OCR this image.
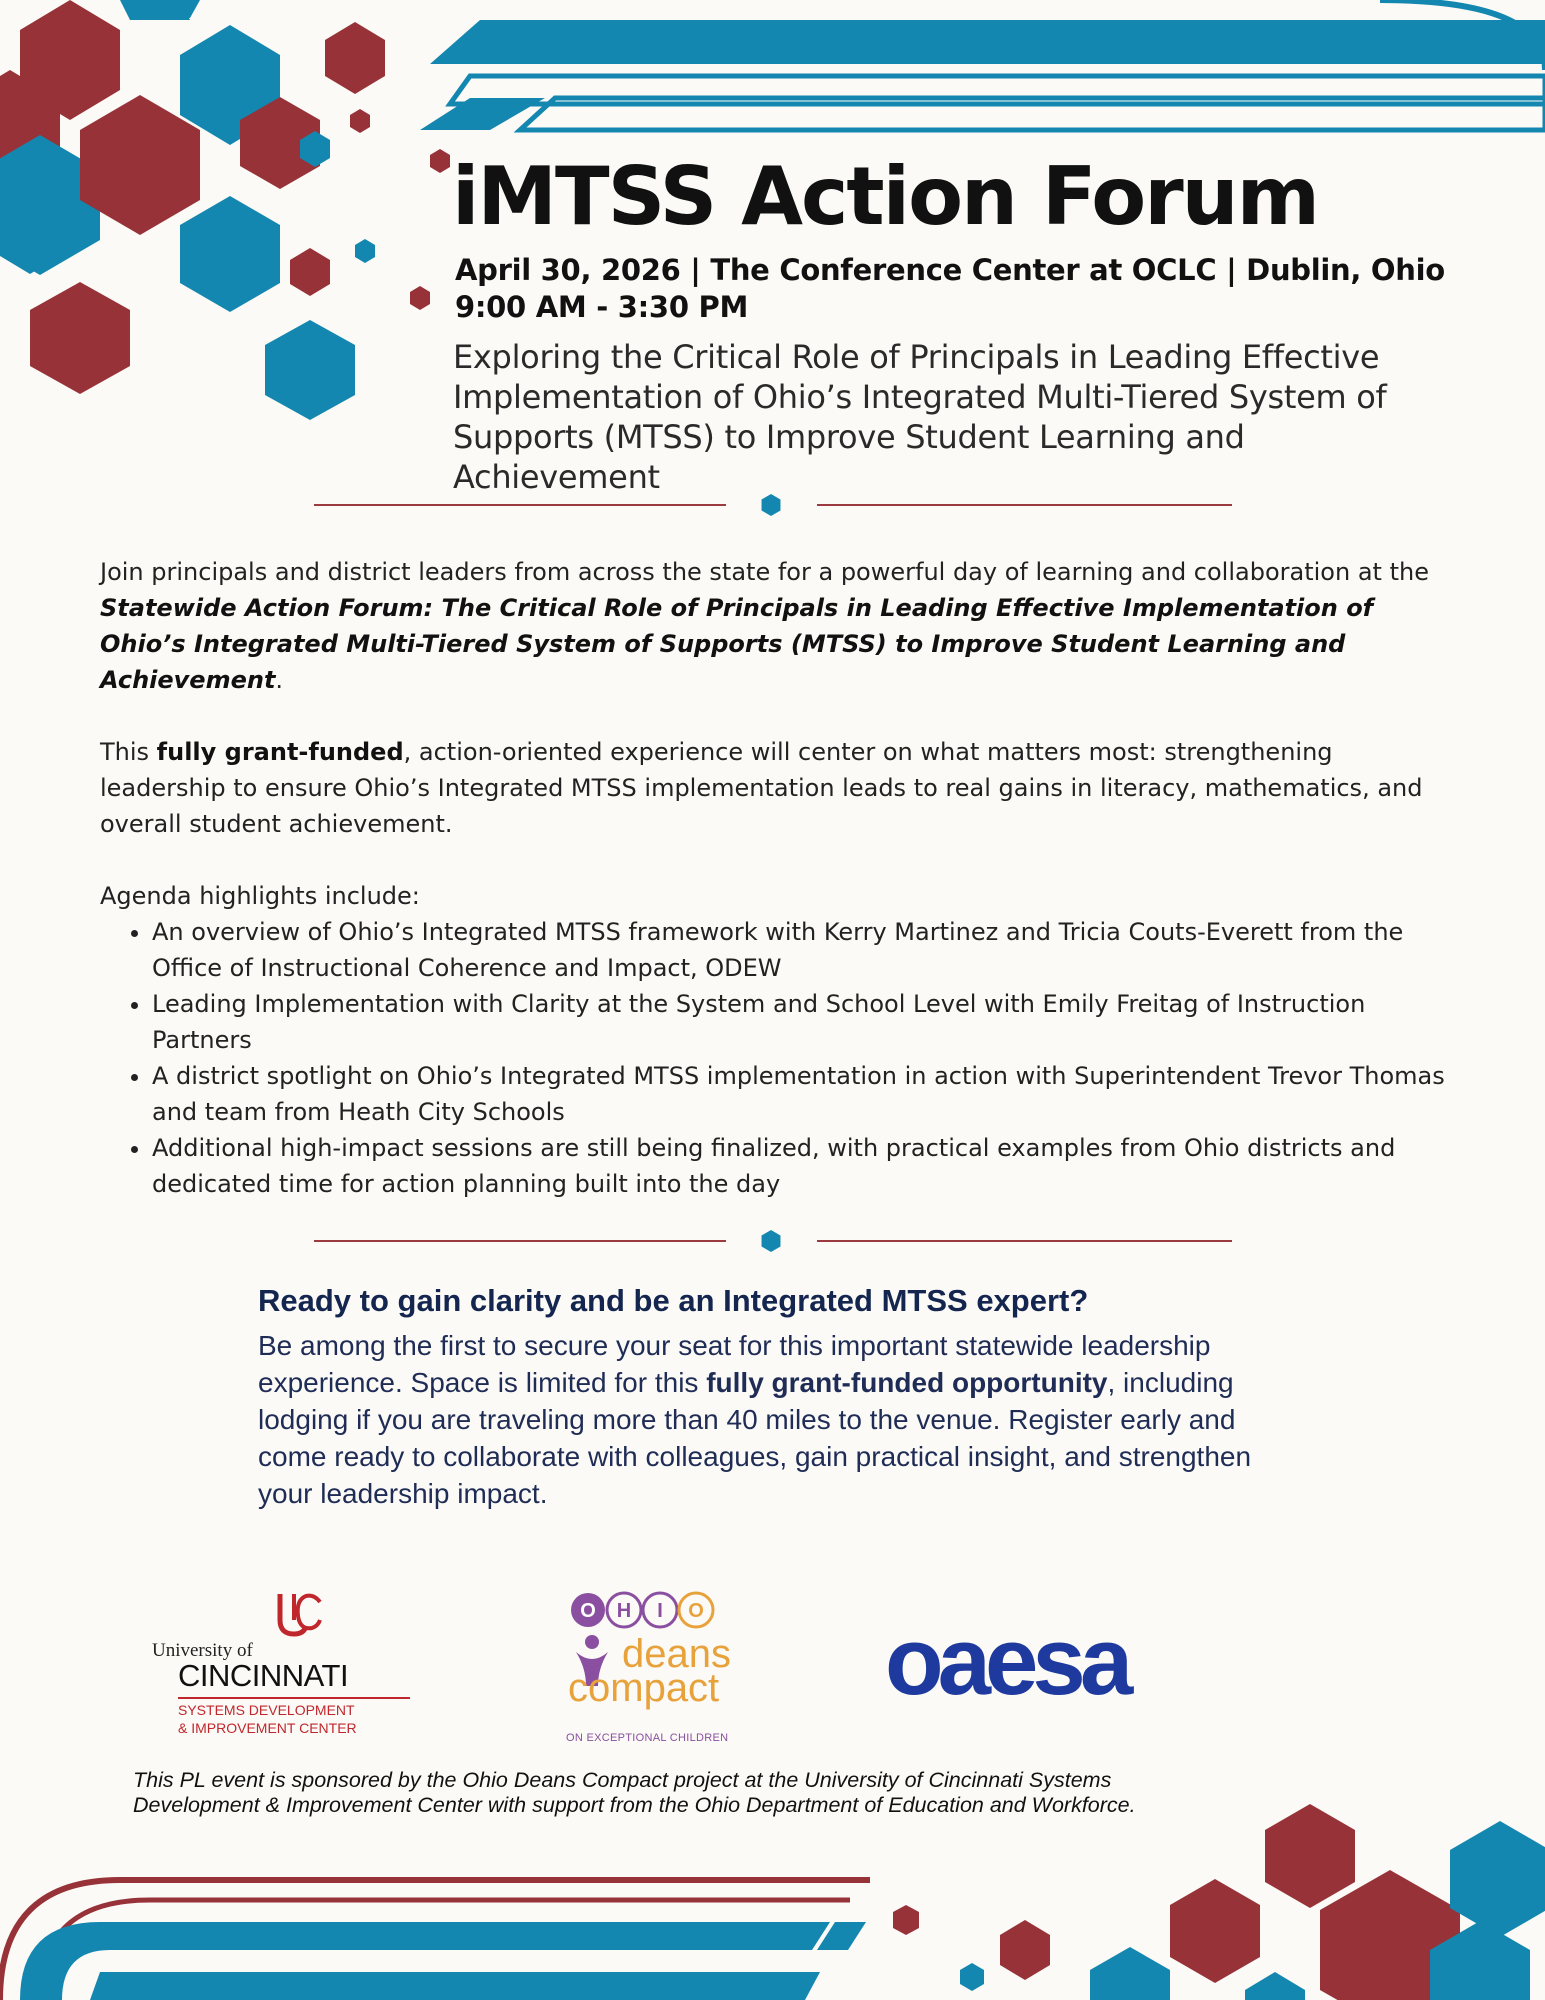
iMTSS Action Forum
April 30, 2026 | The Conference Center at OCLC | Dublin, Ohio
9:00 AM - 3:30 PM
Exploring the Critical Role of Principals in Leading Effective Implementation of Ohio’s Integrated Multi-Tiered System of Supports (MTSS) to Improve Student Learning and Achievement

Join principals and district leaders from across the state for a powerful day of learning and collaboration at the Statewide Action Forum: The Critical Role of Principals in Leading Effective Implementation of Ohio’s Integrated Multi-Tiered System of Supports (MTSS) to Improve Student Learning and Achievement.

This fully grant-funded, action-oriented experience will center on what matters most: strengthening leadership to ensure Ohio’s Integrated MTSS implementation leads to real gains in literacy, mathematics, and overall student achievement.

Agenda highlights include:

• An overview of Ohio’s Integrated MTSS framework with Kerry Martinez and Tricia Couts-Everett from the Office of Instructional Coherence and Impact, ODEW
• Leading Implementation with Clarity at the System and School Level with Emily Freitag of Instruction Partners
• A district spotlight on Ohio’s Integrated MTSS implementation in action with Superintendent Trevor Thomas and team from Heath City Schools
• Additional high-impact sessions are still being finalized, with practical examples from Ohio districts and dedicated time for action planning built into the day
Ready to gain clarity and be an Integrated MTSS expert?

Be among the first to secure your seat for this important statewide leadership experience. Space is limited for this fully grant-funded opportunity, including lodging if you are traveling more than 40 miles to the venue. Register early and come ready to collaborate with colleagues, gain practical insight, and strengthen your leadership impact.

University of
CINCINNATI
SYSTEMS DEVELOPMENT
& IMPROVEMENT CENTER
O H I O
deans
compact
ON EXCEPTIONAL CHILDREN
oaesa
This PL event is sponsored by the Ohio Deans Compact project at the University of Cincinnati Systems Development & Improvement Center with support from the Ohio Department of Education and Workforce.
